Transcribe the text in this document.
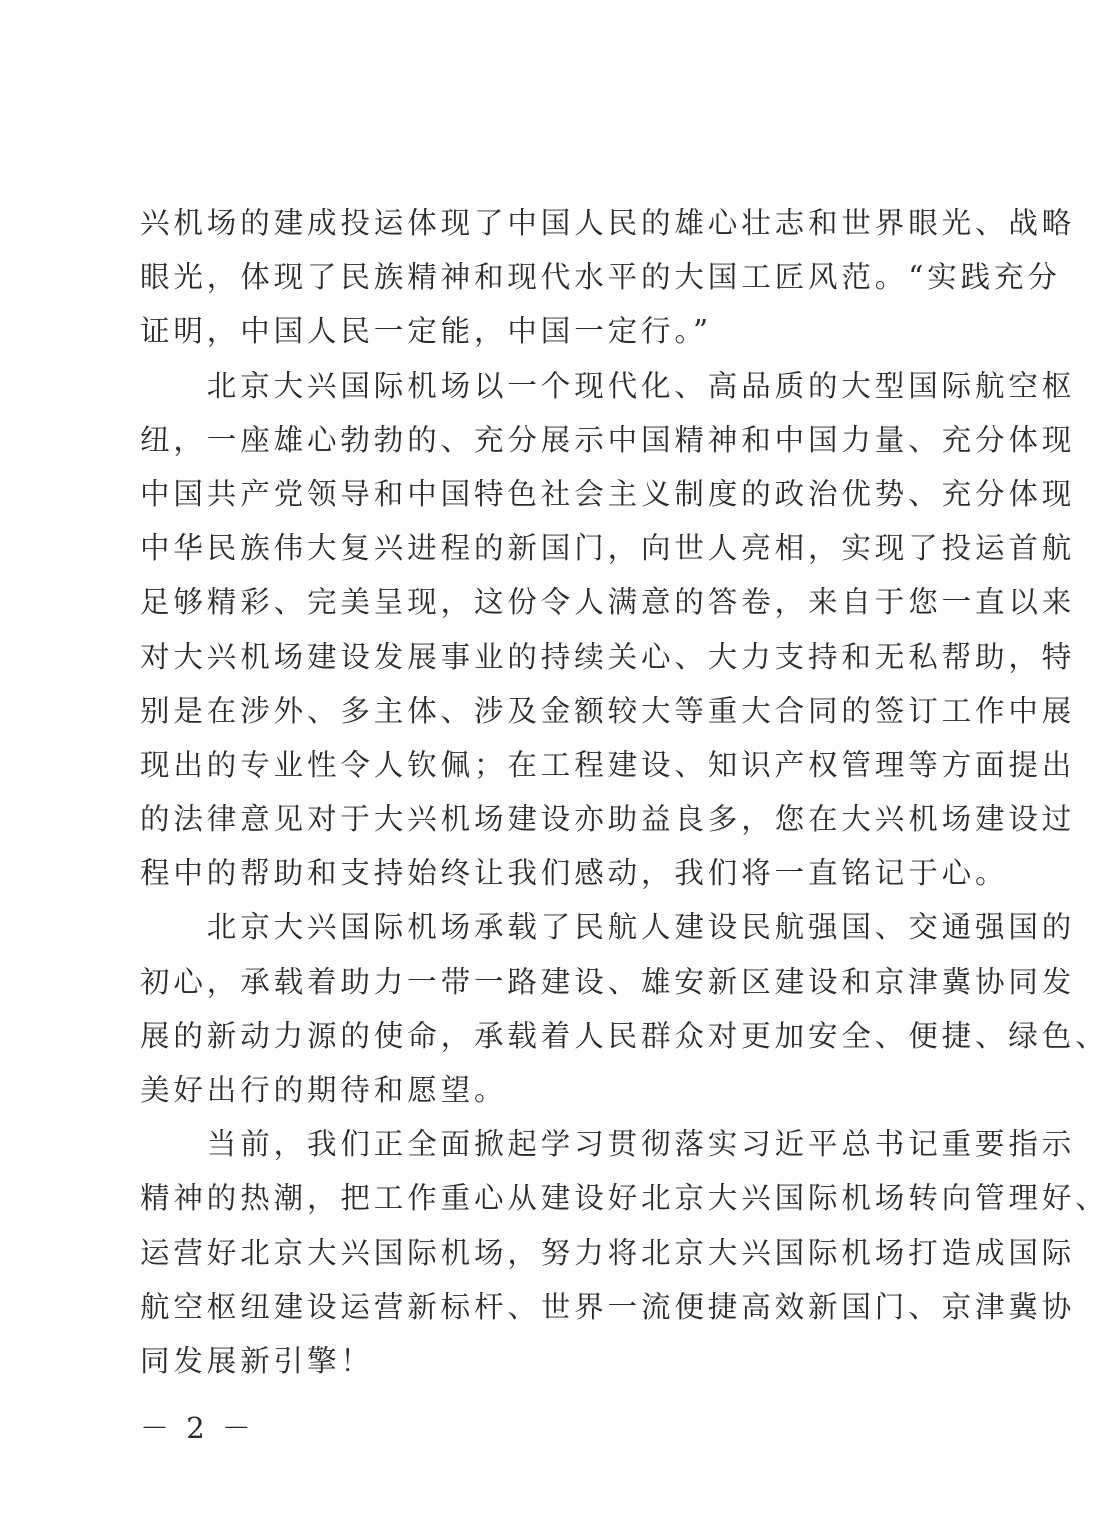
兴机场的建成投运体现了中国人民的雄心壮志和世界眼光、战略
眼光，体现了民族精神和现代水平的大国工匠风范。“实践充分
证明，中国人民一定能，中国一定行。”
　　北京大兴国际机场以一个现代化、高品质的大型国际航空枢
纽，一座雄心勃勃的、充分展示中国精神和中国力量、充分体现
中国共产党领导和中国特色社会主义制度的政治优势、充分体现
中华民族伟大复兴进程的新国门，向世人亮相，实现了投运首航
足够精彩、完美呈现，这份令人满意的答卷，来自于您一直以来
对大兴机场建设发展事业的持续关心、大力支持和无私帮助，特
别是在涉外、多主体、涉及金额较大等重大合同的签订工作中展
现出的专业性令人钦佩；在工程建设、知识产权管理等方面提出
的法律意见对于大兴机场建设亦助益良多，您在大兴机场建设过
程中的帮助和支持始终让我们感动，我们将一直铭记于心。
　　北京大兴国际机场承载了民航人建设民航强国、交通强国的
初心，承载着助力一带一路建设、雄安新区建设和京津冀协同发
展的新动力源的使命，承载着人民群众对更加安全、便捷、绿色、
美好出行的期待和愿望。
　　当前，我们正全面掀起学习贯彻落实习近平总书记重要指示
精神的热潮，把工作重心从建设好北京大兴国际机场转向管理好、
运营好北京大兴国际机场，努力将北京大兴国际机场打造成国际
航空枢纽建设运营新标杆、世界一流便捷高效新国门、京津冀协
同发展新引擎！
－ 2 －
